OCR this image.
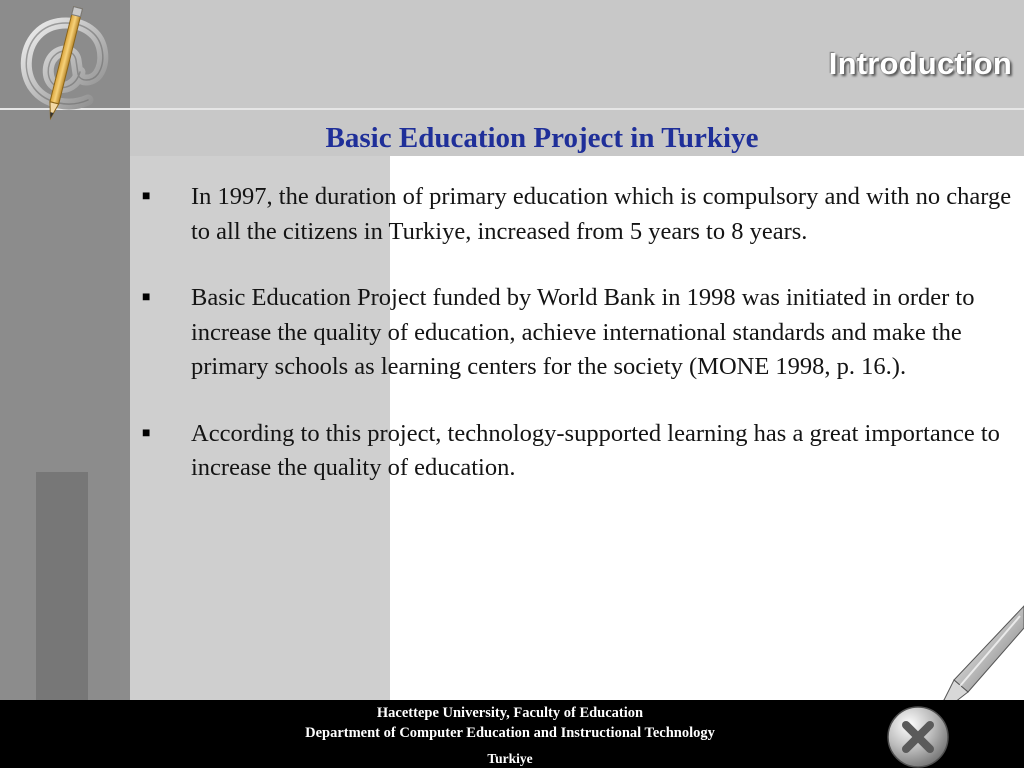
Introduction
Basic Education Project in Turkiye
■ In 1997, the duration of primary education which is compulsory and with no charge to all the citizens in Turkiye, increased from 5 years to 8 years.
■ Basic Education Project funded by World Bank in 1998 was initiated in order to increase the quality of education, achieve international standards and make the primary schools as learning centers for the society (MONE 1998, p. 16.).
■ According to this project, technology-supported learning has a great importance to increase the quality of education.
Hacettepe University, Faculty of Education
Department of Computer Education and Instructional Technology
Turkiye
